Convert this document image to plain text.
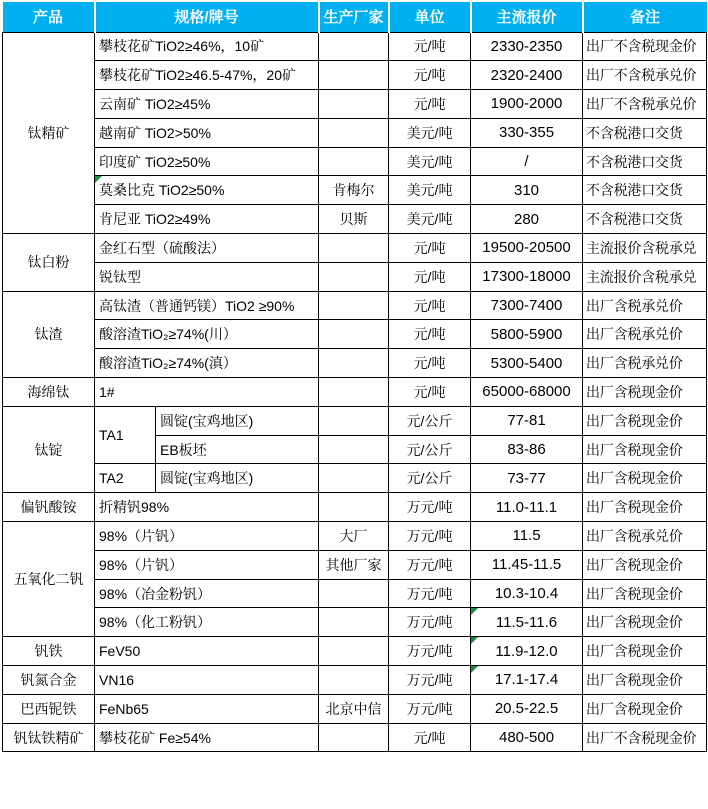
产品	规格/牌号		生产厂家	单位	主流报价	备注
钛精矿	攀枝花矿TiO2≥46%，10矿			元/吨	2330-2350	出厂不含税现金价
	攀枝花矿TiO2≥46.5-47%，20矿			元/吨	2320-2400	出厂不含税承兑价
	云南矿 TiO2≥45%			元/吨	1900-2000	出厂不含税承兑价
	越南矿 TiO2>50%			美元/吨	330-355	不含税港口交货
	印度矿 TiO2≥50%			美元/吨	/	不含税港口交货
	莫桑比克 TiO2≥50%		肯梅尔	美元/吨	310	不含税港口交货
	肯尼亚 TiO2≥49%		贝斯	美元/吨	280	不含税港口交货
钛白粉	金红石型（硫酸法）			元/吨	19500-20500	主流报价含税承兑
	锐钛型			元/吨	17300-18000	主流报价含税承兑
钛渣	高钛渣（普通钙镁）TiO2 ≥90%			元/吨	7300-7400	出厂含税承兑价
	酸溶渣TiO₂≥74%(川）			元/吨	5800-5900	出厂含税承兑价
	酸溶渣TiO₂≥74%(滇）			元/吨	5300-5400	出厂含税承兑价
海绵钛	1#			元/吨	65000-68000	出厂含税现金价
钛锭	TA1	圆锭(宝鸡地区)		元/公斤	77-81	出厂含税现金价
		EB板坯		元/公斤	83-86	出厂含税现金价
	TA2	圆锭(宝鸡地区)		元/公斤	73-77	出厂含税现金价
偏钒酸铵	折精钒98%			万元/吨	11.0-11.1	出厂含税现金价
五氧化二钒	98%（片钒）		大厂	万元/吨	11.5	出厂含税承兑价
	98%（片钒）		其他厂家	万元/吨	11.45-11.5	出厂含税现金价
	98%（冶金粉钒）			万元/吨	10.3-10.4	出厂含税现金价
	98%（化工粉钒）			万元/吨	11.5-11.6	出厂含税现金价
钒铁	FeV50			万元/吨	11.9-12.0	出厂含税现金价
钒氮合金	VN16			万元/吨	17.1-17.4	出厂含税现金价
巴西铌铁	FeNb65		北京中信	万元/吨	20.5-22.5	出厂含税现金价
钒钛铁精矿	攀枝花矿 Fe≥54%			元/吨	480-500	出厂不含税现金价
